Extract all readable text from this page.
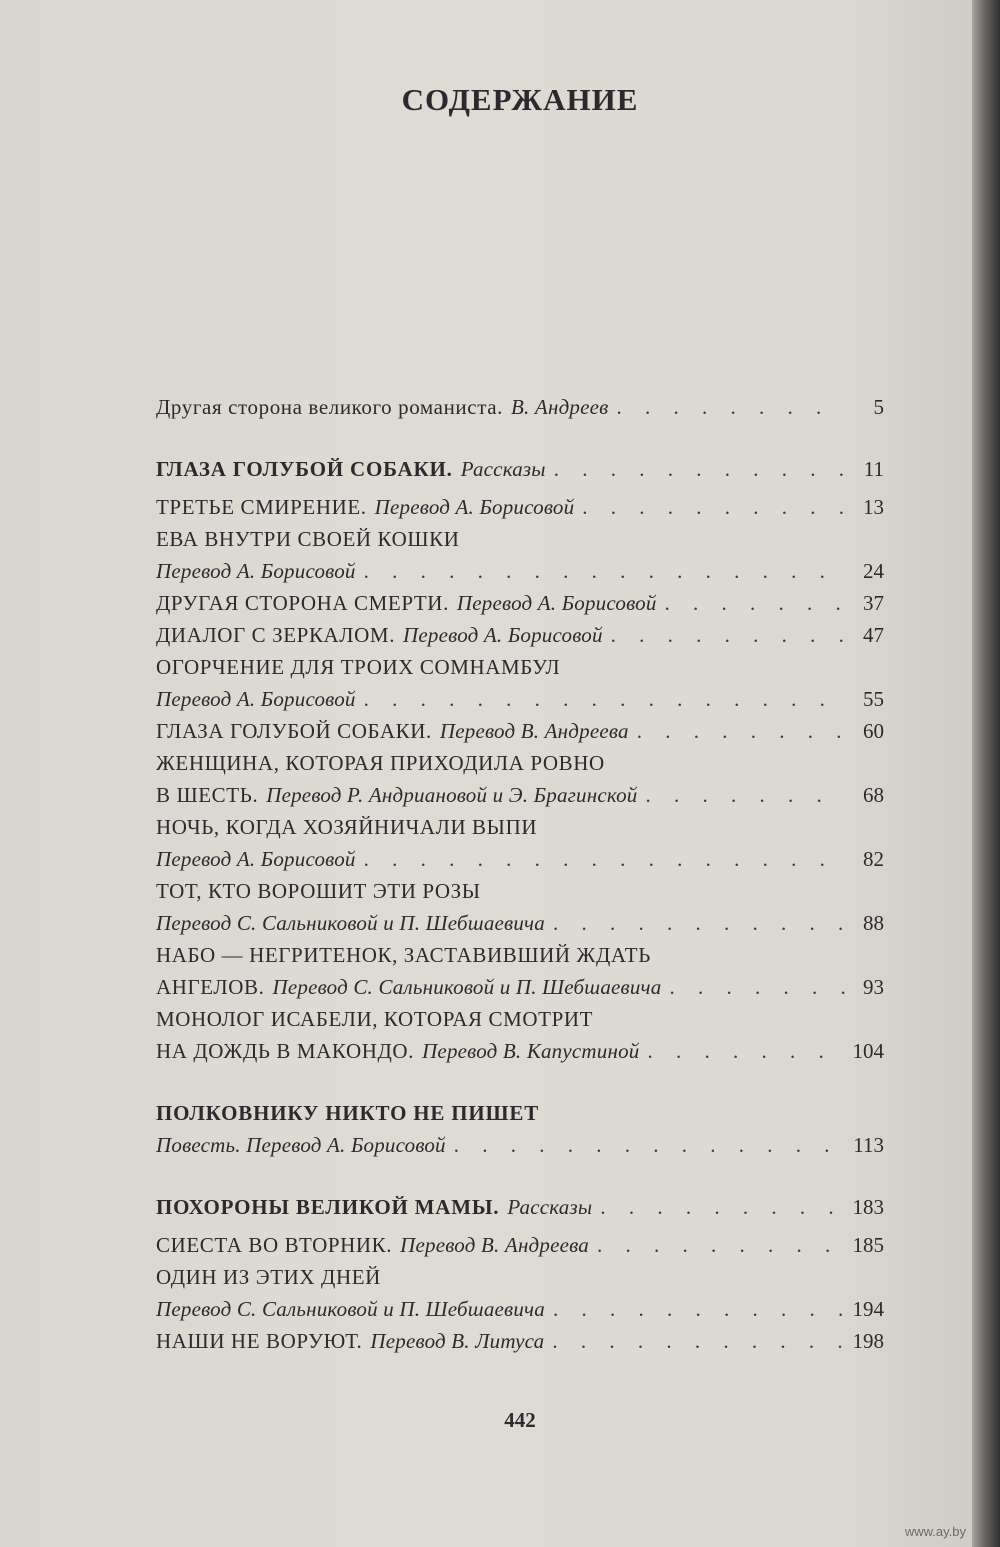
СОДЕРЖАНИЕ
Другая сторона великого романиста. В. Андреев . . .	5
ГЛАЗА ГОЛУБОЙ СОБАКИ. Рассказы . . .	11
ТРЕТЬЕ СМИРЕНИЕ. Перевод А. Борисовой . . .	13
ЕВА ВНУТРИ СВОЕЙ КОШКИ
Перевод А. Борисовой . . .	24
ДРУГАЯ СТОРОНА СМЕРТИ. Перевод А. Борисовой . . .	37
ДИАЛОГ С ЗЕРКАЛОМ. Перевод А. Борисовой . . .	47
ОГОРЧЕНИЕ ДЛЯ ТРОИХ СОМНАМБУЛ
Перевод А. Борисовой . . .	55
ГЛАЗА ГОЛУБОЙ СОБАКИ. Перевод В. Андреева . . .	60
ЖЕНЩИНА, КОТОРАЯ ПРИХОДИЛА РОВНО
В ШЕСТЬ. Перевод Р. Андриановой и Э. Брагинской . . .	68
НОЧЬ, КОГДА ХОЗЯЙНИЧАЛИ ВЫПИ
Перевод А. Борисовой . . .	82
ТОТ, КТО ВОРОШИТ ЭТИ РОЗЫ
Перевод С. Сальниковой и П. Шебшаевича . . .	88
НАБО — НЕГРИТЕНОК, ЗАСТАВИВШИЙ ЖДАТЬ
АНГЕЛОВ. Перевод С. Сальниковой и П. Шебшаевича . . .	93
МОНОЛОГ ИСАБЕЛИ, КОТОРАЯ СМОТРИТ
НА ДОЖДЬ В МАКОНДО. Перевод В. Капустиной . . .	104
ПОЛКОВНИКУ НИКТО НЕ ПИШЕТ
Повесть. Перевод А. Борисовой . . .	113
ПОХОРОНЫ ВЕЛИКОЙ МАМЫ. Рассказы . . .	183
СИЕСТА ВО ВТОРНИК. Перевод В. Андреева . . .	185
ОДИН ИЗ ЭТИХ ДНЕЙ
Перевод С. Сальниковой и П. Шебшаевича . . .	194
НАШИ НЕ ВОРУЮТ. Перевод В. Литуса . . .	198
442
www.ay.by
